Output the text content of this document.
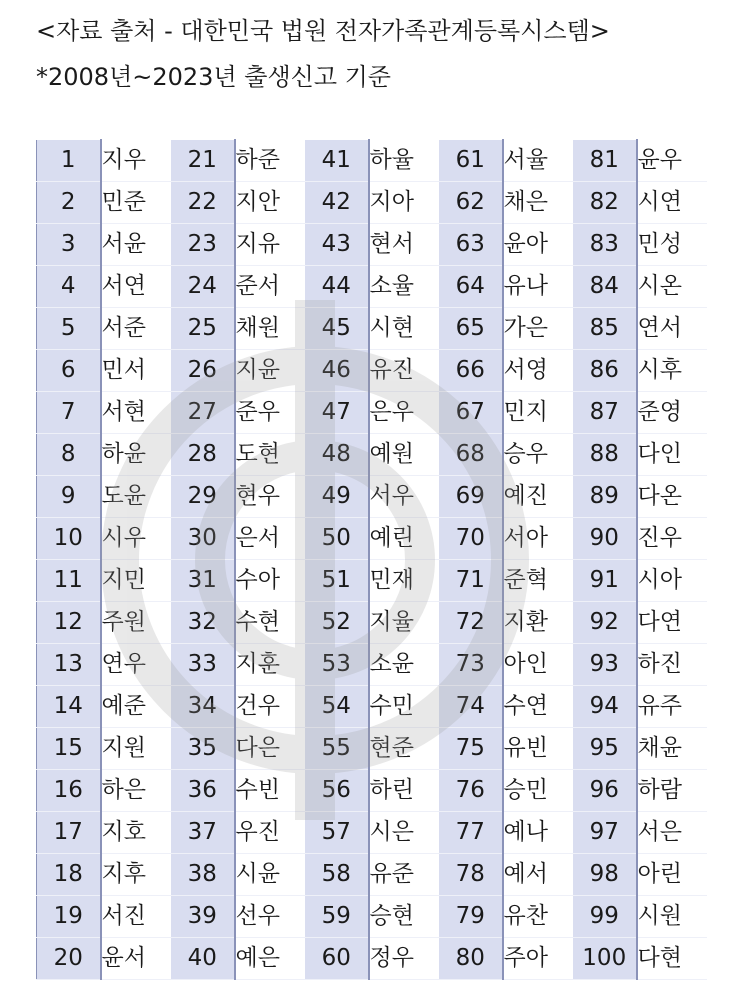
<자료 출처 - 대한민국 법원 전자가족관계등록시스템>
*2008년~2023년 출생신고 기준
1	지우	21	하준	41	하율	61	서율	81	윤우
2	민준	22	지안	42	지아	62	채은	82	시연
3	서윤	23	지유	43	현서	63	윤아	83	민성
4	서연	24	준서	44	소율	64	유나	84	시온
5	서준	25	채원	45	시현	65	가은	85	연서
6	민서	26	지윤	46	유진	66	서영	86	시후
7	서현	27	준우	47	은우	67	민지	87	준영
8	하윤	28	도현	48	예원	68	승우	88	다인
9	도윤	29	현우	49	서우	69	예진	89	다온
10	시우	30	은서	50	예린	70	서아	90	진우
11	지민	31	수아	51	민재	71	준혁	91	시아
12	주원	32	수현	52	지율	72	지환	92	다연
13	연우	33	지훈	53	소윤	73	아인	93	하진
14	예준	34	건우	54	수민	74	수연	94	유주
15	지원	35	다은	55	현준	75	유빈	95	채윤
16	하은	36	수빈	56	하린	76	승민	96	하람
17	지호	37	우진	57	시은	77	예나	97	서은
18	지후	38	시윤	58	유준	78	예서	98	아린
19	서진	39	선우	59	승현	79	유찬	99	시원
20	윤서	40	예은	60	정우	80	주아	100	다현
